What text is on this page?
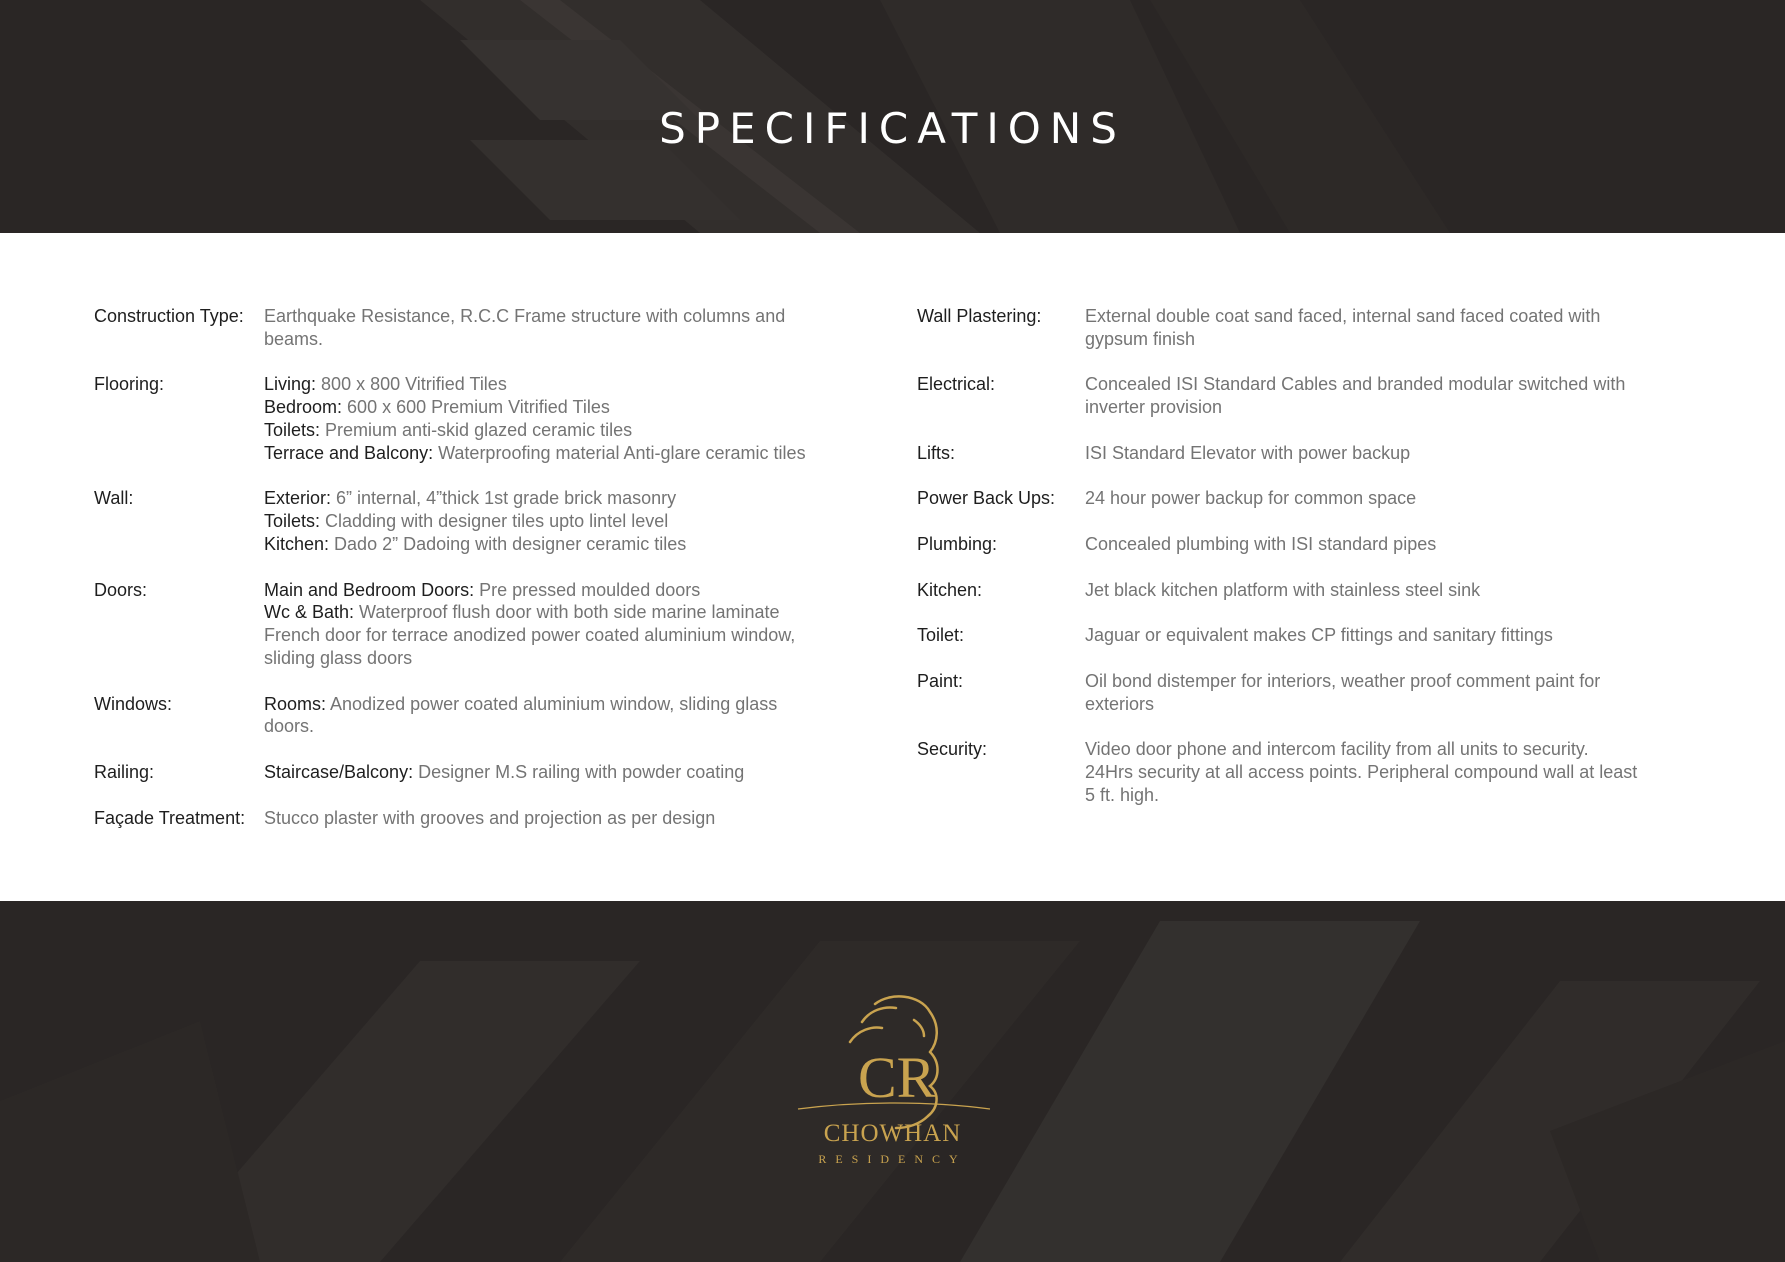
SPECIFICATIONS
Construction Type:	Earthquake Resistance, R.C.C Frame structure with columns and
beams.
Flooring:	Living: 800 x 800 Vitrified Tiles
Bedroom: 600 x 600 Premium Vitrified Tiles
Toilets: Premium anti-skid glazed ceramic tiles
Terrace and Balcony: Waterproofing material Anti-glare ceramic tiles
Wall:	Exterior: 6” internal, 4”thick 1st grade brick masonry
Toilets: Cladding with designer tiles upto lintel level
Kitchen: Dado 2” Dadoing with designer ceramic tiles
Doors:	Main and Bedroom Doors: Pre pressed moulded doors
Wc & Bath: Waterproof flush door with both side marine laminate
French door for terrace anodized power coated aluminium window,
sliding glass doors
Windows:	Rooms: Anodized power coated aluminium window, sliding glass
doors.
Railing:	Staircase/Balcony: Designer M.S railing with powder coating
Façade Treatment:	Stucco plaster with grooves and projection as per design
Wall Plastering:	External double coat sand faced, internal sand faced coated with
gypsum finish
Electrical:	Concealed ISI Standard Cables and branded modular switched with
inverter provision
Lifts:	ISI Standard Elevator with power backup
Power Back Ups:	24 hour power backup for common space
Plumbing:	Concealed plumbing with ISI standard pipes
Kitchen:	Jet black kitchen platform with stainless steel sink
Toilet:	Jaguar or equivalent makes CP fittings and sanitary fittings
Paint:	Oil bond distemper for interiors, weather proof comment paint for
exteriors
Security:	Video door phone and intercom facility from all units to security.
24Hrs security at all access points. Peripheral compound wall at least
5 ft. high.
CR
CHOWHAN
RESIDENCY
